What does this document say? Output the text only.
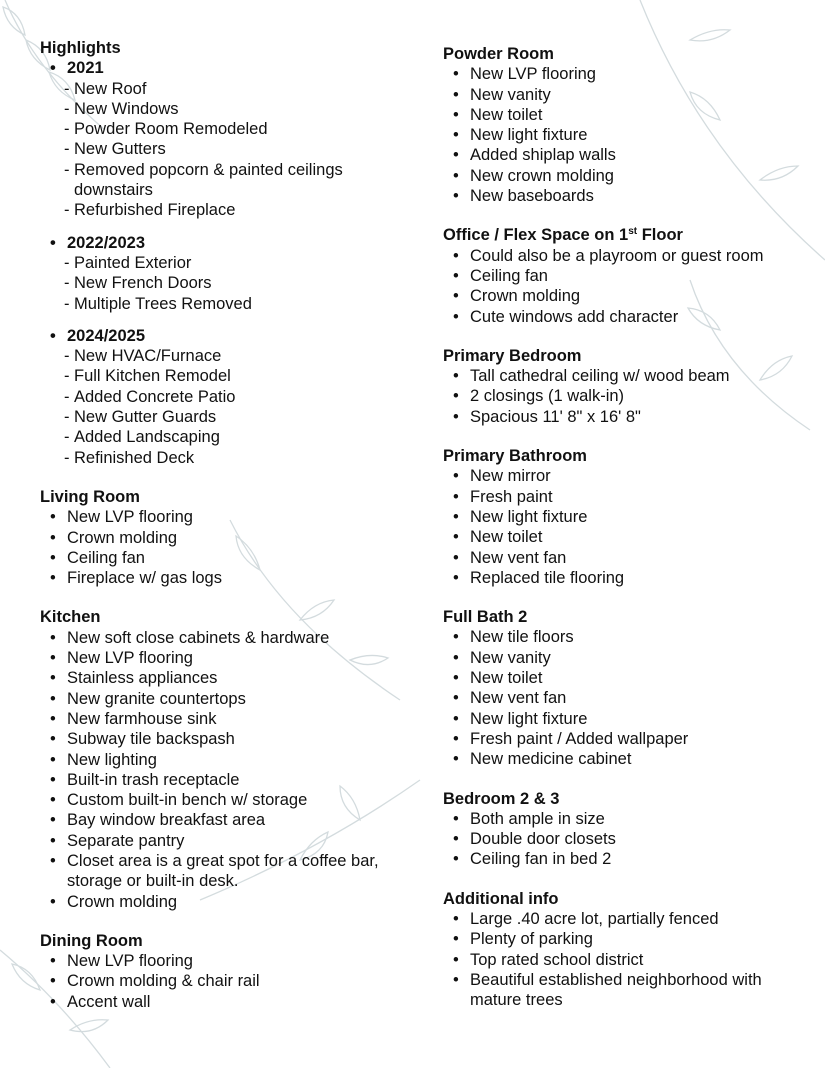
Highlights
• 2021
- New Roof
- New Windows
- Powder Room Remodeled
- New Gutters
- Removed popcorn & painted ceilings downstairs
- Refurbished Fireplace
• 2022/2023
- Painted Exterior
- New French Doors
- Multiple Trees Removed
• 2024/2025
- New HVAC/Furnace
- Full Kitchen Remodel
- Added Concrete Patio
- New Gutter Guards
- Added Landscaping
- Refinished Deck
Living Room
• New LVP flooring
• Crown molding
• Ceiling fan
• Fireplace w/ gas logs
Kitchen
• New soft close cabinets & hardware
• New LVP flooring
• Stainless appliances
• New granite countertops
• New farmhouse sink
• Subway tile backspash
• New lighting
• Built-in trash receptacle
• Custom built-in bench w/ storage
• Bay window breakfast area
• Separate pantry
• Closet area is a great spot for a coffee bar, storage or built-in desk.
• Crown molding
Dining Room
• New LVP flooring
• Crown molding & chair rail
• Accent wall
Powder Room
• New LVP flooring
• New vanity
• New toilet
• New light fixture
• Added shiplap walls
• New crown molding
• New baseboards
Office / Flex Space on 1st Floor
• Could also be a playroom or guest room
• Ceiling fan
• Crown molding
• Cute windows add character
Primary Bedroom
• Tall cathedral ceiling w/ wood beam
• 2 closings (1 walk-in)
• Spacious 11' 8" x 16' 8"
Primary Bathroom
• New mirror
• Fresh paint
• New light fixture
• New toilet
• New vent fan
• Replaced tile flooring
Full Bath 2
• New tile floors
• New vanity
• New toilet
• New vent fan
• New light fixture
• Fresh paint / Added wallpaper
• New medicine cabinet
Bedroom 2 & 3
• Both ample in size
• Double door closets
• Ceiling fan in bed 2
Additional info
• Large .40 acre lot, partially fenced
• Plenty of parking
• Top rated school district
• Beautiful established neighborhood with mature trees
